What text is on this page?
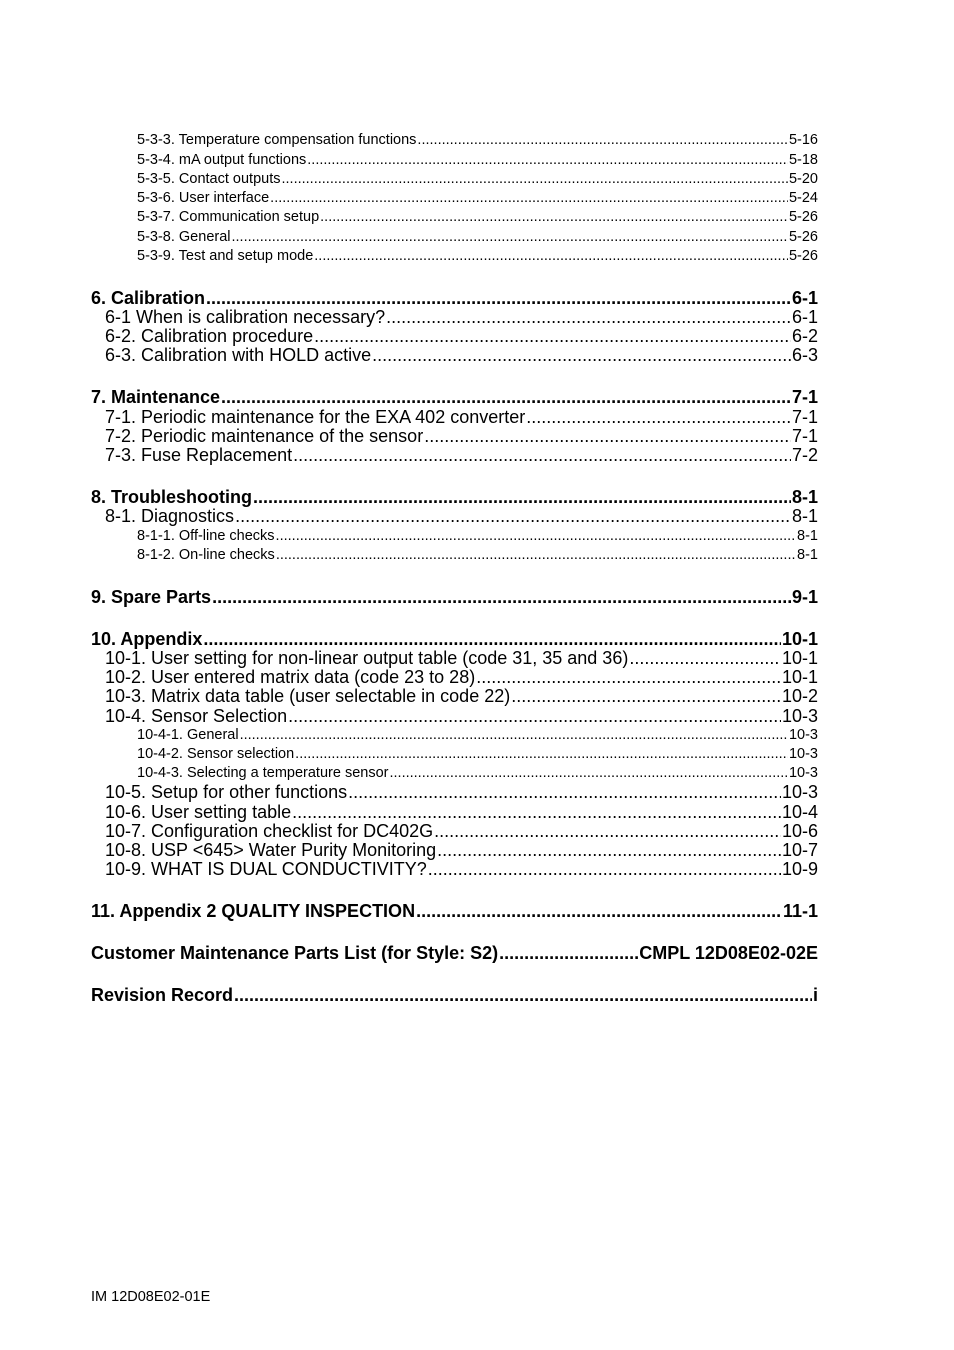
5-3-3. Temperature compensation functions .....	5-16
5-3-4. mA output functions .....	5-18
5-3-5. Contact outputs .....	5-20
5-3-6. User interface .....	5-24
5-3-7. Communication setup .....	5-26
5-3-8. General .....	5-26
5-3-9. Test and setup mode .....	5-26
6. Calibration .....	6-1
6-1 When is calibration necessary? .....	6-1
6-2. Calibration procedure .....	6-2
6-3. Calibration with HOLD active .....	6-3
7. Maintenance .....	7-1
7-1. Periodic maintenance for the EXA 402 converter .....	7-1
7-2. Periodic maintenance of the sensor .....	7-1
7-3. Fuse Replacement .....	7-2
8. Troubleshooting .....	8-1
8-1. Diagnostics .....	8-1
8-1-1. Off-line checks .....	8-1
8-1-2. On-line checks .....	8-1
9. Spare Parts .....	9-1
10. Appendix .....	10-1
10-1. User setting for non-linear output table (code 31, 35 and 36) .....	10-1
10-2. User entered matrix data (code 23 to 28) .....	10-1
10-3. Matrix data table (user selectable in code 22) .....	10-2
10-4. Sensor Selection .....	10-3
10-4-1. General .....	10-3
10-4-2. Sensor selection .....	10-3
10-4-3. Selecting a temperature sensor .....	10-3
10-5. Setup for other functions .....	10-3
10-6. User setting table .....	10-4
10-7. Configuration checklist for DC402G .....	10-6
10-8. USP <645> Water Purity Monitoring .....	10-7
10-9. WHAT IS DUAL CONDUCTIVITY? .....	10-9
11. Appendix 2 QUALITY INSPECTION .....	11-1
Customer Maintenance Parts List (for Style: S2) .....	CMPL 12D08E02-02E
Revision Record .....	i
IM 12D08E02-01E
